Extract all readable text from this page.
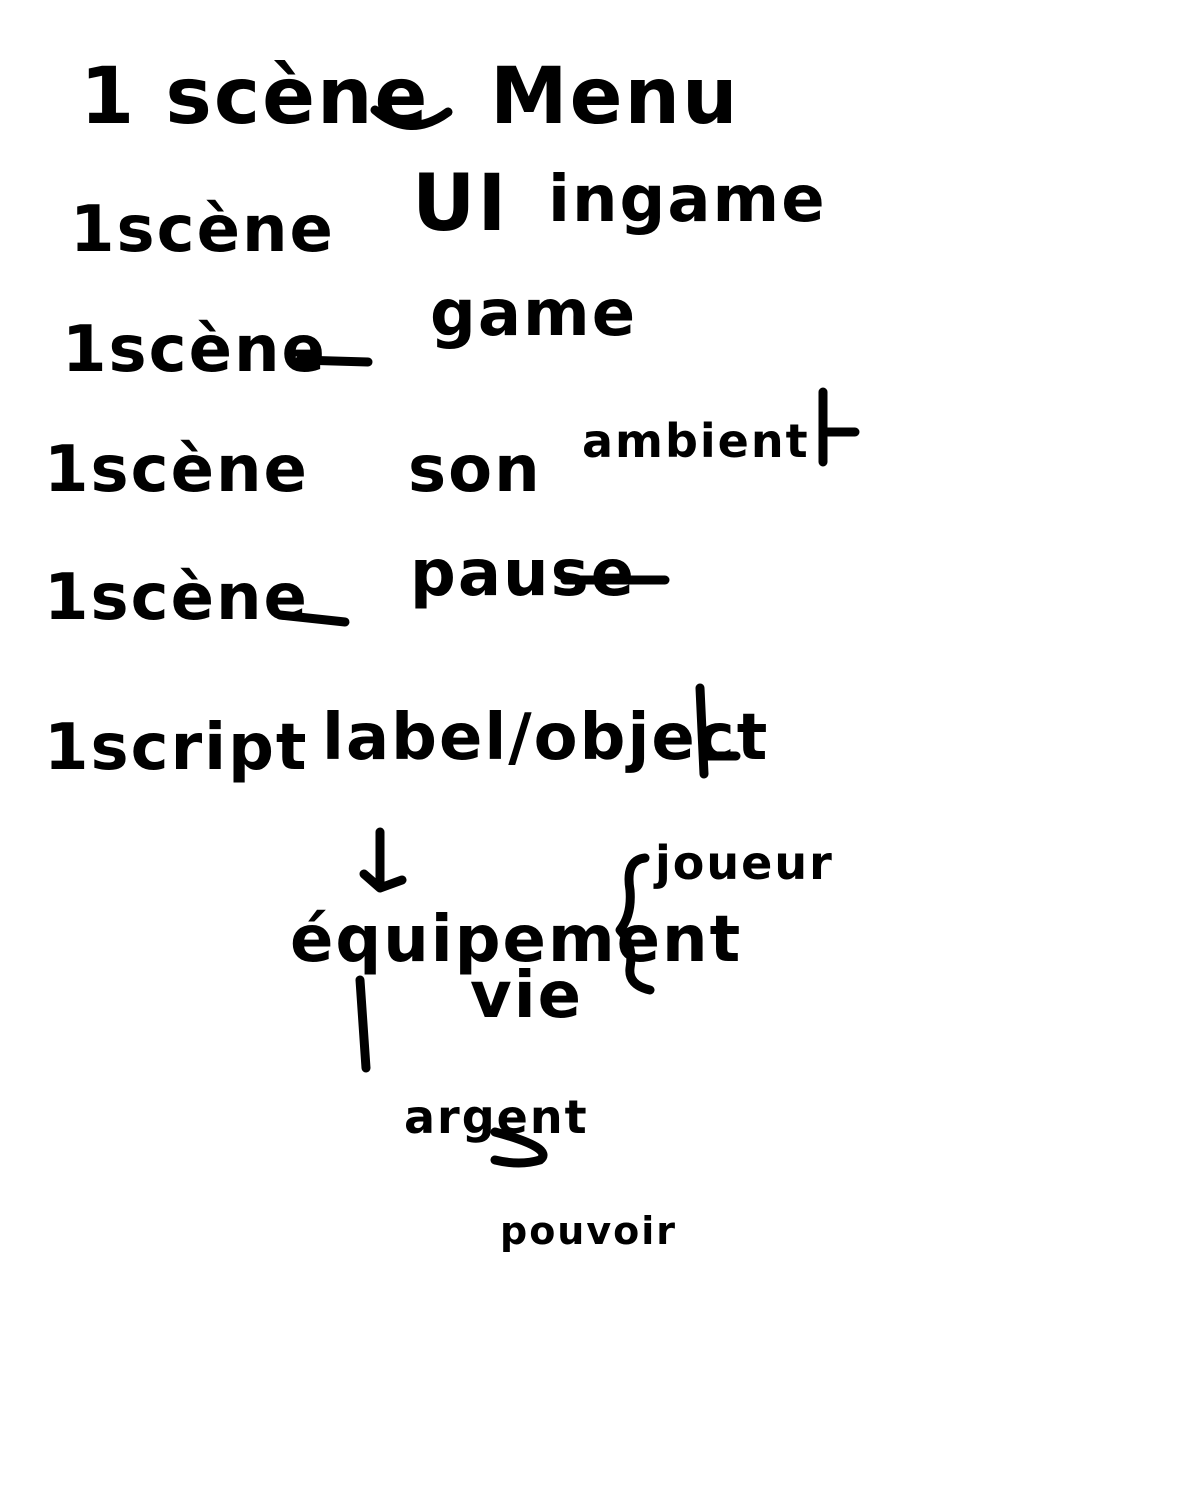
1 scène Menu
1scène UI ingame
1scène game
1scène son ambient
1scène pause
1script label/object
équipement
joueur
vie
argent
pouvoir
